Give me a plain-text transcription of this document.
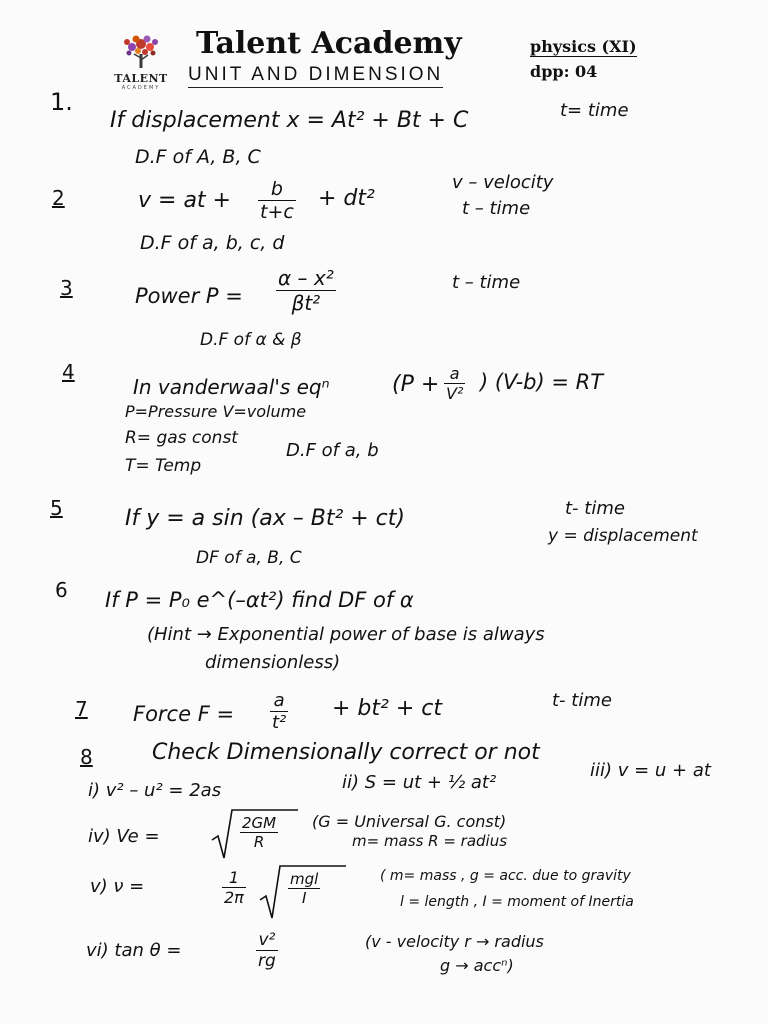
TALENT
ACADEMY
Talent Academy
UNIT AND DIMENSION
physics (XI)
dpp: 04
1.
If displacement x = At² + Bt + C	t= time
D.F of A, B, C
2	v = at + $\frac{b}{t+c} + dt^2$
v – velocity
t – time
D.F of a, b, c, d
3	Power $P = \frac{\text{α – x²}}{\text{βt²}}$	t – time
D.F of α & β
4
In vanderwaal's eqⁿ	($P + \frac{a}{\text{V²}}$ ) (V-b) = RT
P=Pressure V=volume
R= gas const
T= Temp
D.F of a, b
5	If y = a sin (ax – Bt² + ct)	t- time
y = displacement
DF of a, B, C
6 If P = P₀ e^(–αt²) find DF of α
(Hint → Exponential power of base is always
dimensionless)
7 Force $F = \frac{a}{\text{t²}} + bt^2$ + ct	t- time
8	Check Dimensionally correct or not
i) v² – u² = 2as	ii) S = ut + ½ at²
iii) v = u + at
iv) Ve =	$\frac{2GM}{R} (G$ = Universal G. const)
m= mass R = radius
v) ν =	$\frac{1}{2\pi}$	mgl
I
( m= mass , g = acc. due to gravity
l = length , I = moment of Inertia
vi) tan θ =	$\frac{\text{v²}}{rg}$	(v - velocity r → radius
g → accⁿ)
